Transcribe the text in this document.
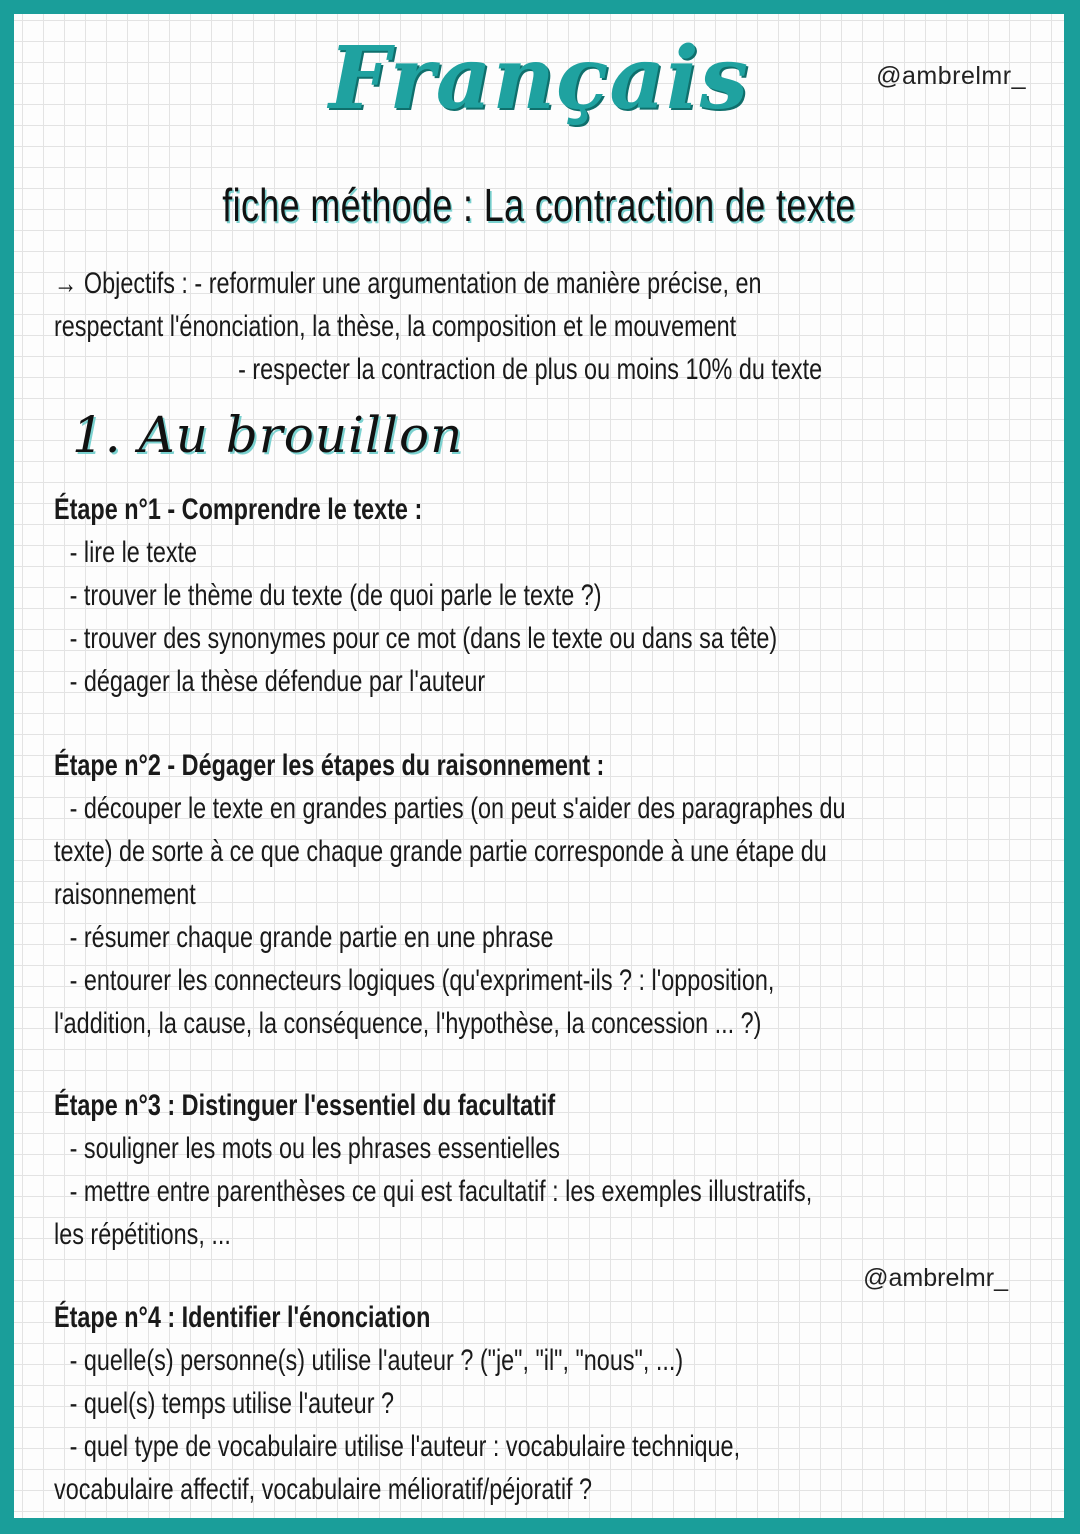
Français	@ambrelmr_
fiche méthode : La contraction de texte
→ Objectifs : - reformuler une argumentation de manière précise, en
respectant l'énonciation, la thèse, la composition et le mouvement
- respecter la contraction de plus ou moins 10% du texte
1. Au brouillon
Étape n°1 - Comprendre le texte :
- lire le texte
- trouver le thème du texte (de quoi parle le texte ?)
- trouver des synonymes pour ce mot (dans le texte ou dans sa tête)
- dégager la thèse défendue par l'auteur
Étape n°2 - Dégager les étapes du raisonnement :
- découper le texte en grandes parties (on peut s'aider des paragraphes du
texte) de sorte à ce que chaque grande partie corresponde à une étape du
raisonnement
- résumer chaque grande partie en une phrase
- entourer les connecteurs logiques (qu'expriment-ils ? : l'opposition,
l'addition, la cause, la conséquence, l'hypothèse, la concession ... ?)
Étape n°3 : Distinguer l'essentiel du facultatif
- souligner les mots ou les phrases essentielles
- mettre entre parenthèses ce qui est facultatif : les exemples illustratifs,
les répétitions, ...
@ambrelmr_
Étape n°4 : Identifier l'énonciation
- quelle(s) personne(s) utilise l'auteur ? ("je", "il", "nous", ...)
- quel(s) temps utilise l'auteur ?
- quel type de vocabulaire utilise l'auteur : vocabulaire technique,
vocabulaire affectif, vocabulaire mélioratif/péjoratif ?
